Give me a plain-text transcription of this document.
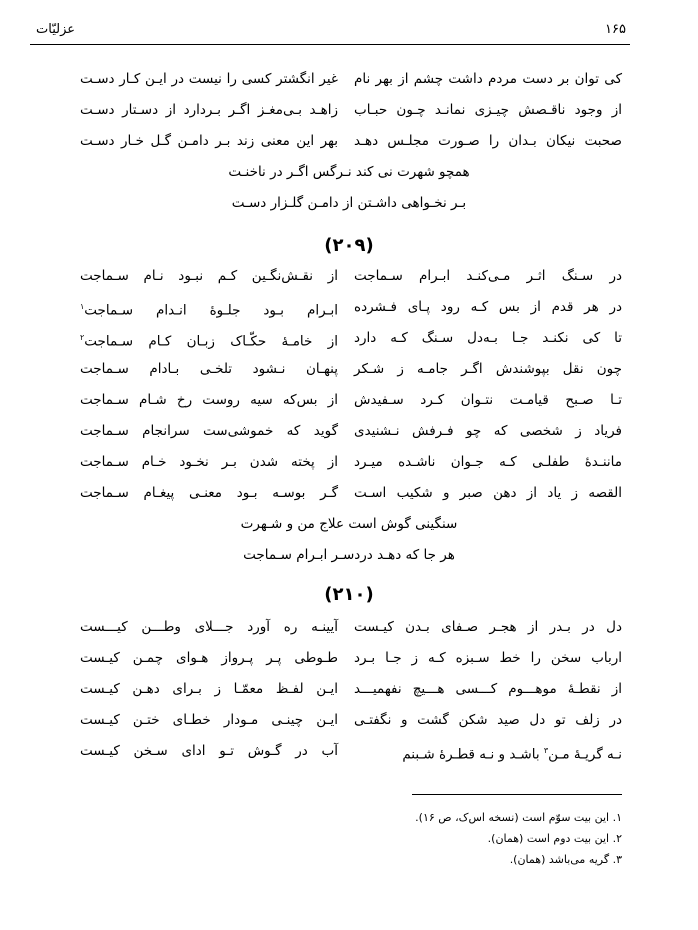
۱۶۵
عزلیّات
کی توان بر دست مردم داشت چشم از بهر نام
غیر انگشتر کسی را نیست در ایـن کـار دسـت
از وجود ناقـصش چیـزی نمانـد چـون حبـاب
زاهـد بـی‌مغـز اگـر بـردارد از دسـتار دسـت
صحبت نیکان بـدان را صـورت مجلـس دهـد
بهر این معنی زند بـر دامـن گـل خـار دسـت
همچو شهرت نی کند نـرگس اگـر در ناخنـت
بـر نخـواهی داشـتن از دامـن گلـزار دسـت
(۲۰۹)
در سـنگ اثـر مـی‌کنـد ابـرام سـماجت
از نقـش‌نگـین کـم نبـود نـام سـماجت
در هر قدم از بس کـه رود پـای فـشرده
ابـرام بـود جلـوۀ انـدام سـماجت$^۱$
تا کی نکنـد جـا بـه‌دل سـنگ کـه دارد
از خامـۀ حکّـاک زبـان کـام سـماجت$^۲$
چون نقل بپوشندش اگـر جامـه ز شـکر
پنهـان نـشود تلخـی بـادام سـماجت
تـا صـبح قیامـت نتـوان کـرد سـفیدش
از بس‌که سیه روست رخ شـام سـماجت
فریاد ز شخصی که چو فـرفش نـشنیدی
گوید که خموشی‌ست سرانجام سـماجت
ماننـدۀ طفلـی کـه جـوان ناشـده میـرد
از پخته شدن بـر نخـود خـام سـماجت
القصه ز یاد از دهن صبر و شکیب اسـت
گـر بوسـه بـود معنـی پیغـام سـماجت
سنگینی گوش است علاج من و شـهرت
هر جا که دهـد دردسـر ابـرام سـماجت
(۲۱۰)
دل در بـدر از هجـر صـفای بـدن کیـست
آیینـه ره آورد جـــلای وطـــن کیـــست
ارباب سخن را خط سـبزه کـه ز جـا بـرد
طـوطی پـر پـرواز هـوای چمـن کیـست
از نقطـۀ موهـــوم کـــسی هـــیچ نفهمیـــد
ایـن لفـظ معمّـا ز بـرای دهـن کیـست
در زلف تو دل صید شکن گشت و نگفتـی
ایـن چینـی مـودار خطـای ختـن کیـست
نـه گریـۀ مـن$^۳$ باشـد و نـه قطـرۀ شـبنم
آب در گـوش تـو ادای سـخن کیـست
۱. این بیت سوّم است (نسخه اس‌ک، ص ۱۶).
۲. این بیت دوم است (همان).
۳. گریه می‌باشد (همان).
